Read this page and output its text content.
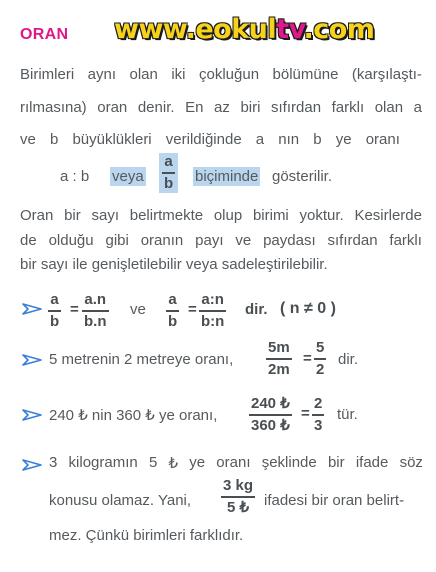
ORAN www.eokultv.com
Birimleri aynı olan iki çokluğun bölümüne (karşılaştı-
rılmasına) oran denir. En az biri sıfırdan farklı olan a
ve b büyüklükleri verildiğinde a nın b ye oranı
a : b veya
a
b biçiminde gösterilir.
Oran bir sayı belirtmekte olup birimi yoktur. Kesirlerde
de olduğu gibi oranın payı ve paydası sıfırdan farklı
bir sayı ile genişletilebilir veya sadeleştirilebilir.
a
b
=
a.n
b.n
ve
a
b
=
a:n
b:n
dir. ( n ≠ 0 )
5 metrenin 2 metreye oranı,
5m
2m
=
5
2
dir.
240 ₺ nin 360 ₺ ye oranı,
240 ₺
360 ₺
=
2
3
tür.
3 kilogramın 5 ₺ ye oranı şeklinde bir ifade söz
konusu olamaz. Yani,
3 kg
5 ₺ ifadesi bir oran belirt-
mez. Çünkü birimleri farklıdır.
